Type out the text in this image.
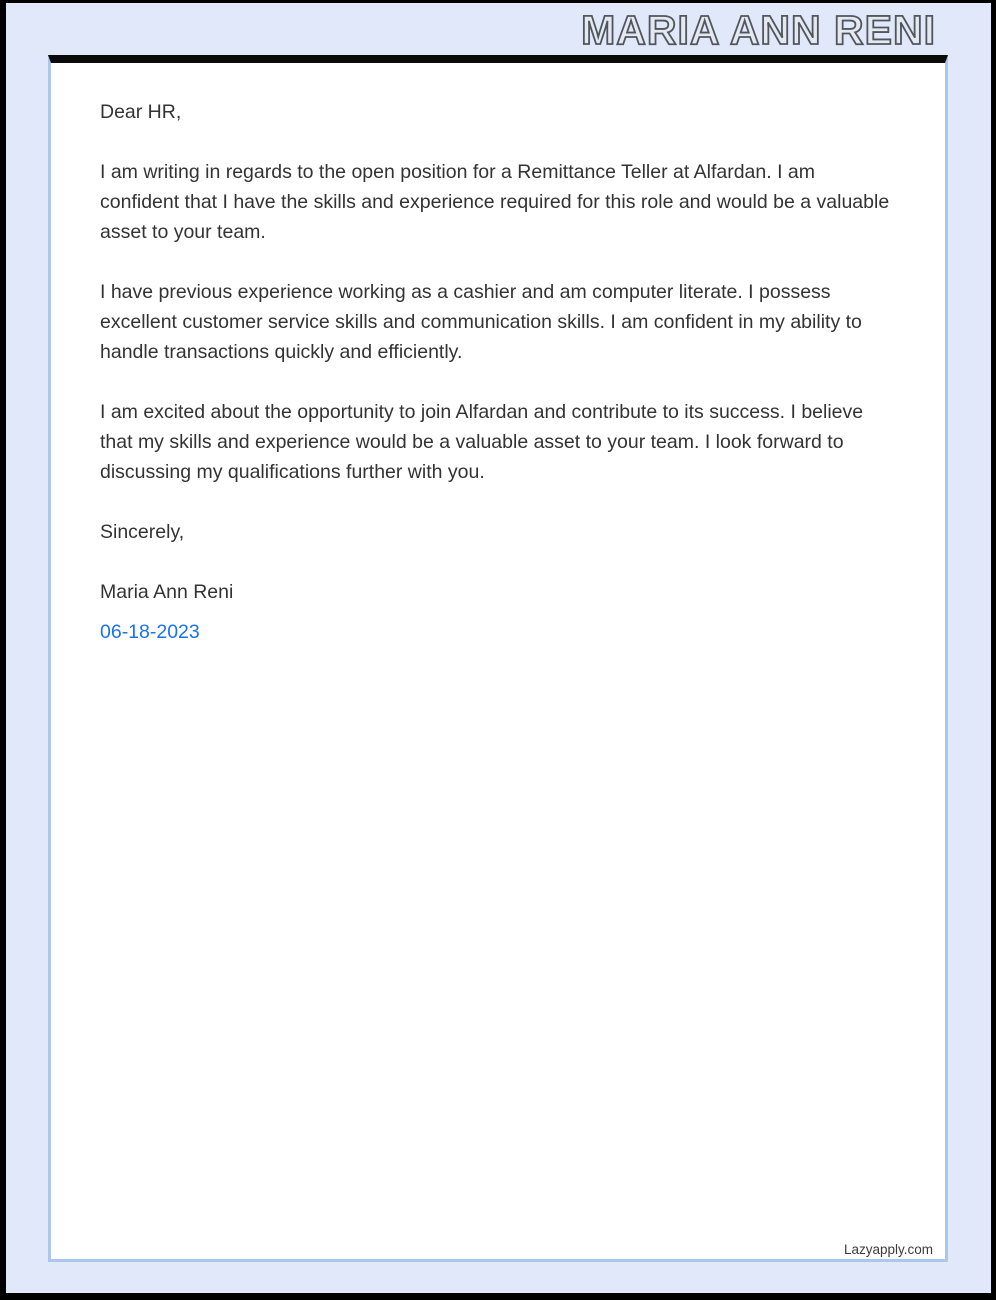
MARIA ANN RENI

Dear HR,

I am writing in regards to the open position for a Remittance Teller at Alfardan. I am confident that I have the skills and experience required for this role and would be a valuable asset to your team.

I have previous experience working as a cashier and am computer literate. I possess excellent customer service skills and communication skills. I am confident in my ability to handle transactions quickly and efficiently.

I am excited about the opportunity to join Alfardan and contribute to its success. I believe that my skills and experience would be a valuable asset to your team. I look forward to discussing my qualifications further with you.

Sincerely,

Maria Ann Reni

06-18-2023

Lazyapply.com
